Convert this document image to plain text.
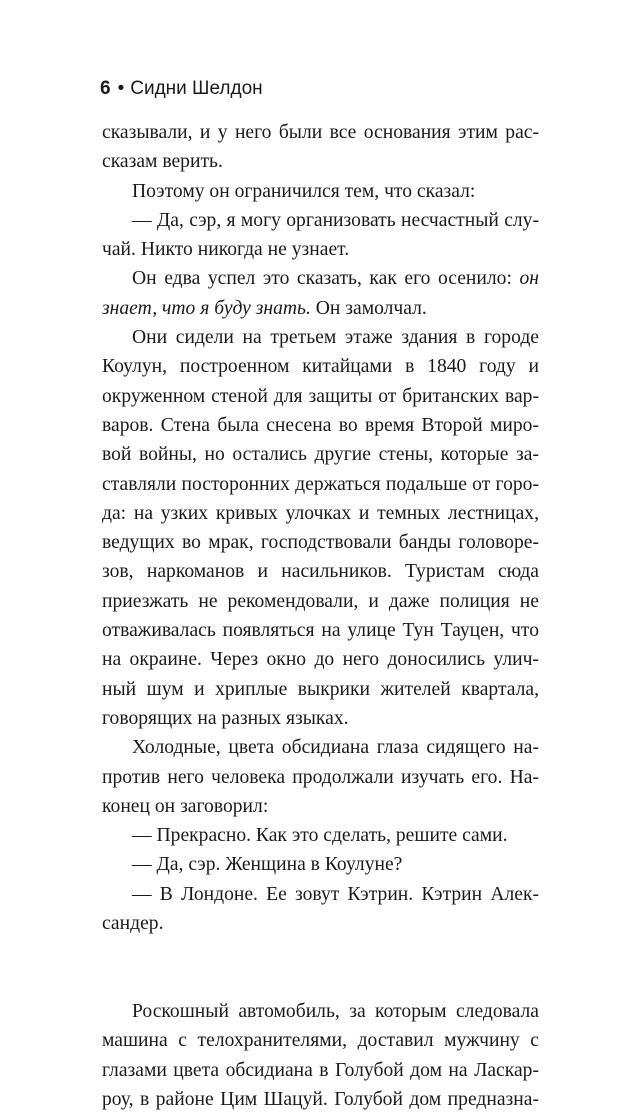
6 • Сидни Шелдон
сказывали, и у него были все основания этим рас-
сказам верить.
Поэтому он ограничился тем, что сказал:
— Да, сэр, я могу организовать несчастный слу-
чай. Никто никогда не узнает.
Он едва успел это сказать, как его осенило: он
знает, что я буду знать. Он замолчал.
Они сидели на третьем этаже здания в городе
Коулун, построенном китайцами в 1840 году и
окруженном стеной для защиты от британских вар-
варов. Стена была снесена во время Второй миро-
вой войны, но остались другие стены, которые за-
ставляли посторонних держаться подальше от горо-
да: на узких кривых улочках и темных лестницах,
ведущих во мрак, господствовали банды головоре-
зов, наркоманов и насильников. Туристам сюда
приезжать не рекомендовали, и даже полиция не
отваживалась появляться на улице Тун Тауцен, что
на окраине. Через окно до него доносились улич-
ный шум и хриплые выкрики жителей квартала,
говорящих на разных языках.
Холодные, цвета обсидиана глаза сидящего на-
против него человека продолжали изучать его. На-
конец он заговорил:
— Прекрасно. Как это сделать, решите сами.
— Да, сэр. Женщина в Коулуне?
— В Лондоне. Ее зовут Кэтрин. Кэтрин Алек-
сандер.
Роскошный автомобиль, за которым следовала
машина с телохранителями, доставил мужчину с
глазами цвета обсидиана в Голубой дом на Ласкар-
роу, в районе Цим Шацуй. Голубой дом предназна-
